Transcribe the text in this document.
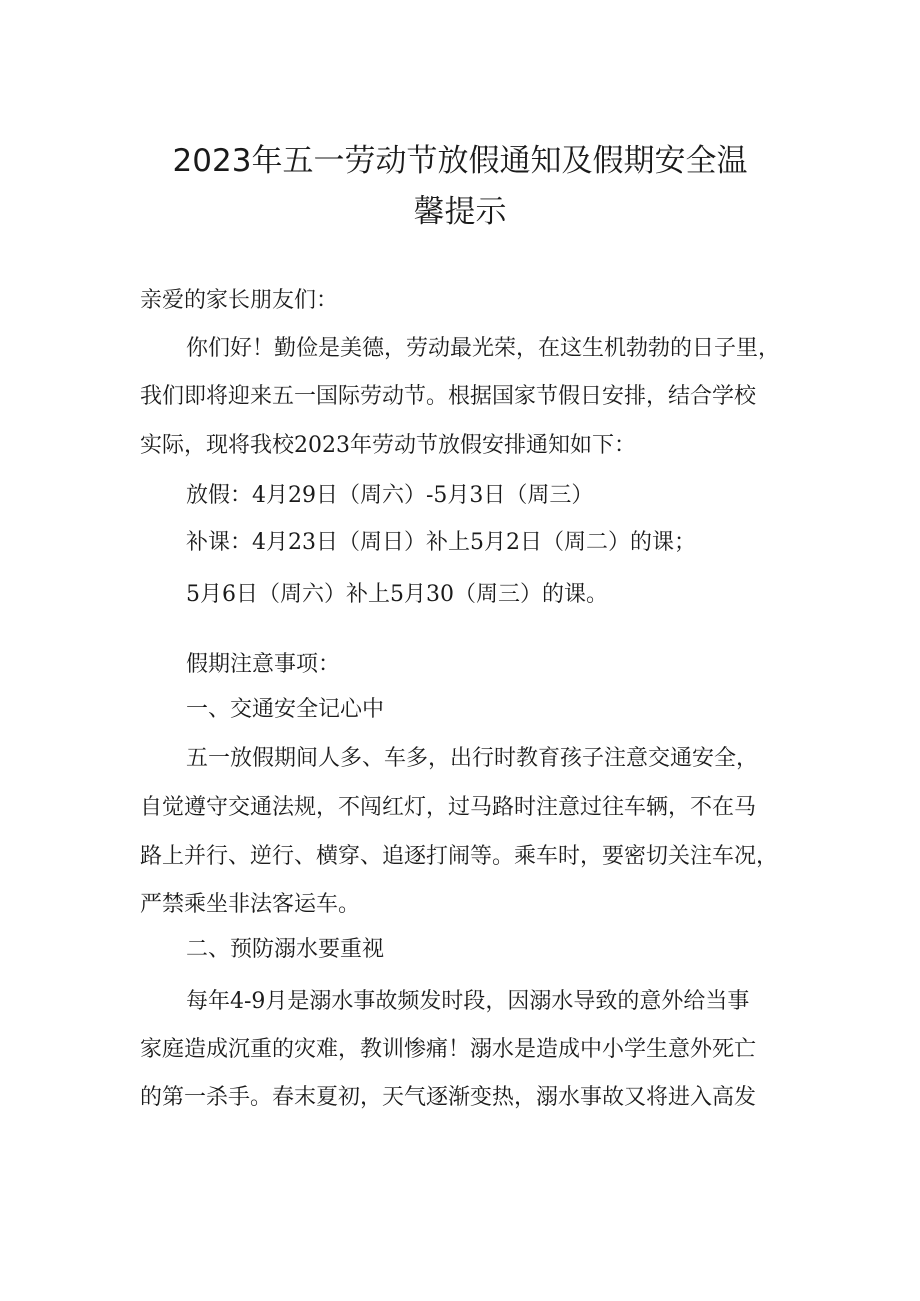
2023年五一劳动节放假通知及假期安全温
馨提示

亲爱的家长朋友们：

你们好！勤俭是美德，劳动最光荣，在这生机勃勃的日子里，

我们即将迎来五一国际劳动节。根据国家节假日安排，结合学校

实际，现将我校2023年劳动节放假安排通知如下：

放假：4月29日（周六）-5月3日（周三）

补课：4月23日（周日）补上5月2日（周二）的课；

5月6日（周六）补上5月30（周三）的课。

假期注意事项：

一、交通安全记心中

五一放假期间人多、车多，出行时教育孩子注意交通安全，

自觉遵守交通法规，不闯红灯，过马路时注意过往车辆，不在马

路上并行、逆行、横穿、追逐打闹等。乘车时，要密切关注车况，

严禁乘坐非法客运车。

二、预防溺水要重视

每年4-9月是溺水事故频发时段，因溺水导致的意外给当事

家庭造成沉重的灾难，教训惨痛！溺水是造成中小学生意外死亡

的第一杀手。春末夏初，天气逐渐变热，溺水事故又将进入高发
